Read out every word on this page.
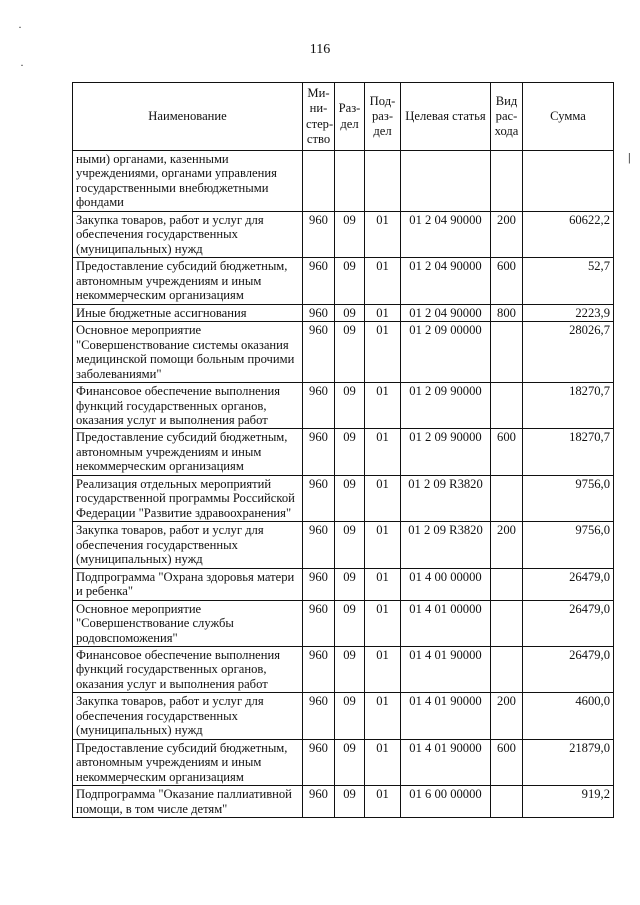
116
·
·
|
Наименование	Ми-ни-стер-ство	Раз-дел	Под-раз-дел	Целевая статья	Вид рас-хода	Сумма
ными) органами, казенными учреждениями, органами управления государственными внебюджетными фондами						
Закупка товаров, работ и услуг для обеспечения государственных (муниципальных) нужд	960	09	01	01 2 04 90000	200	60622,2
Предоставление субсидий бюджетным, автономным учреждениям и иным некоммерческим организациям	960	09	01	01 2 04 90000	600	52,7
Иные бюджетные ассигнования	960	09	01	01 2 04 90000	800	2223,9
Основное мероприятие "Совершенствование системы оказания медицинской помощи больным прочими заболеваниями"	960	09	01	01 2 09 00000		28026,7
Финансовое обеспечение выполнения функций государственных органов, оказания услуг и выполнения работ	960	09	01	01 2 09 90000		18270,7
Предоставление субсидий бюджетным, автономным учреждениям и иным некоммерческим организациям	960	09	01	01 2 09 90000	600	18270,7
Реализация отдельных мероприятий государственной программы Российской Федерации "Развитие здравоохранения"	960	09	01	01 2 09 R3820		9756,0
Закупка товаров, работ и услуг для обеспечения государственных (муниципальных) нужд	960	09	01	01 2 09 R3820	200	9756,0
Подпрограмма "Охрана здоровья матери и ребенка"	960	09	01	01 4 00 00000		26479,0
Основное мероприятие "Совершенствование службы родовспоможения"	960	09	01	01 4 01 00000		26479,0
Финансовое обеспечение выполнения функций государственных органов, оказания услуг и выполнения работ	960	09	01	01 4 01 90000		26479,0
Закупка товаров, работ и услуг для обеспечения государственных (муниципальных) нужд	960	09	01	01 4 01 90000	200	4600,0
Предоставление субсидий бюджетным, автономным учреждениям и иным некоммерческим организациям	960	09	01	01 4 01 90000	600	21879,0
Подпрограмма "Оказание паллиативной помощи, в том числе детям"	960	09	01	01 6 00 00000		919,2
